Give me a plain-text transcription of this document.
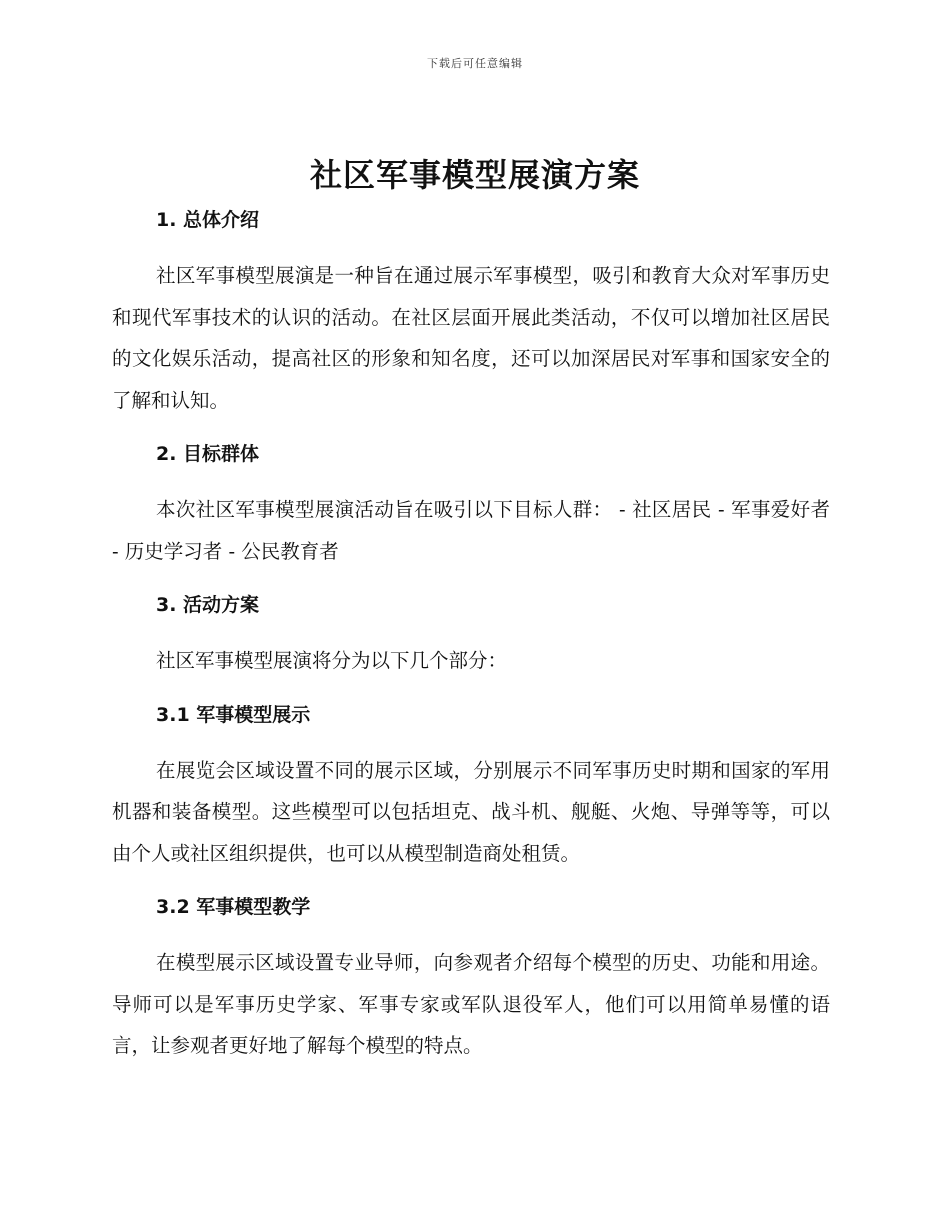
下载后可任意编辑
社区军事模型展演方案
1. 总体介绍

社区军事模型展演是一种旨在通过展示军事模型，吸引和教育大众对军事历史和现代军事技术的认识的活动。在社区层面开展此类活动，不仅可以增加社区居民的文化娱乐活动，提高社区的形象和知名度，还可以加深居民对军事和国家安全的了解和认知。

2. 目标群体

本次社区军事模型展演活动旨在吸引以下目标人群： - 社区居民 - 军事爱好者 - 历史学习者 - 公民教育者

3. 活动方案

社区军事模型展演将分为以下几个部分：

3.1 军事模型展示

在展览会区域设置不同的展示区域，分别展示不同军事历史时期和国家的军用机器和装备模型。这些模型可以包括坦克、战斗机、舰艇、火炮、导弹等等，可以由个人或社区组织提供，也可以从模型制造商处租赁。

3.2 军事模型教学

在模型展示区域设置专业导师，向参观者介绍每个模型的历史、功能和用途。导师可以是军事历史学家、军事专家或军队退役军人，他们可以用简单易懂的语言，让参观者更好地了解每个模型的特点。
